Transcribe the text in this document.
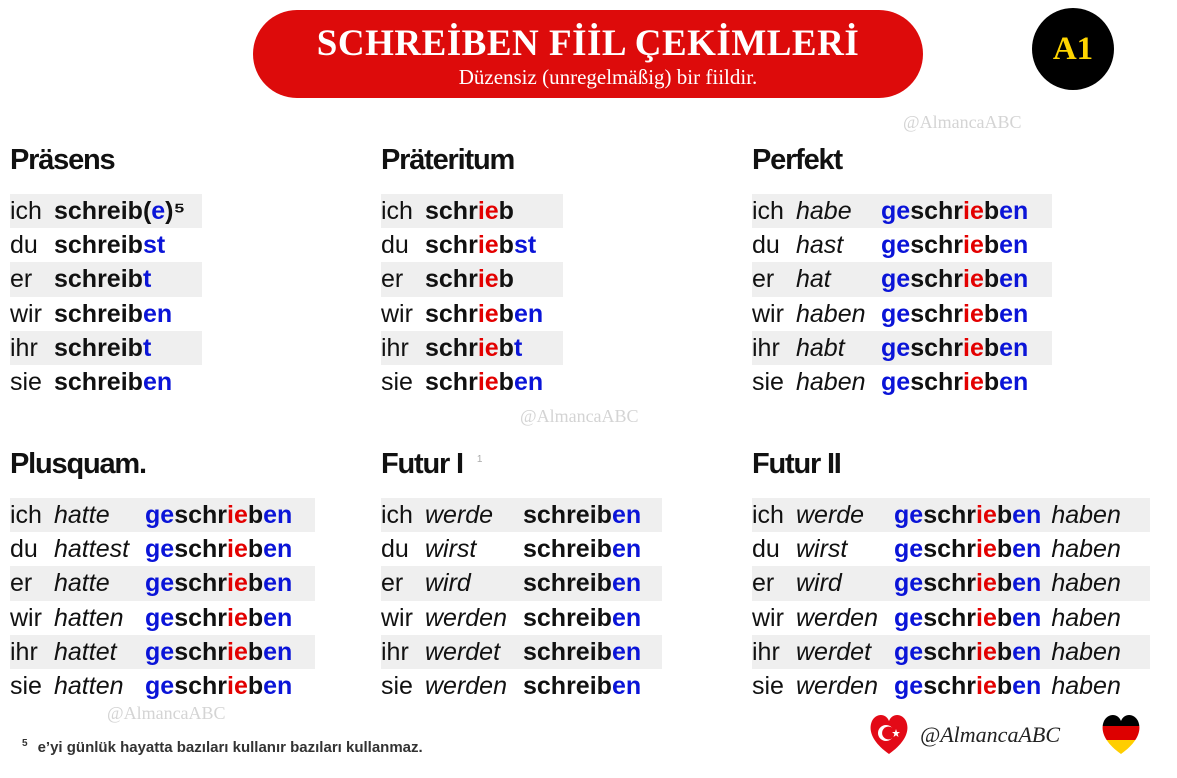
SCHREİBEN FİİL ÇEKİMLERİ
Düzensiz (unregelmäßig) bir fiildir.
A1
@AlmancaABC
@AlmancaABC
@AlmancaABC
Präsens
ich schreib(e)⁵
du schreibst
er schreibt
wir schreiben
ihr schreibt
sie schreiben
Präteritum
ich schrieb
du schriebst
er schrieb
wir schrieben
ihr schriebt
sie schrieben
Perfekt
ich habe	geschrieben
du hast	geschrieben
er hat	geschrieben
wir haben geschrieben
ihr habt	geschrieben
sie haben geschrieben
Plusquam.
ich hatte	geschrieben
du hattest geschrieben
er hatte	geschrieben
wir hatten geschrieben
ihr hattet	geschrieben
sie hatten geschrieben
Futur I $^1$
ich werde	schreiben
du wirst	schreiben
er wird	schreiben
wir werden schreiben
ihr werdet schreiben
sie werden schreiben
Futur II
ich werde	geschrieben haben
du wirst	geschrieben haben
er wird	geschrieben haben
wir werden geschrieben haben
ihr werdet geschrieben haben
sie werden geschrieben haben
$^5$ e’yi günlük hayatta bazıları kullanır bazıları kullanmaz.
@AlmancaABC
